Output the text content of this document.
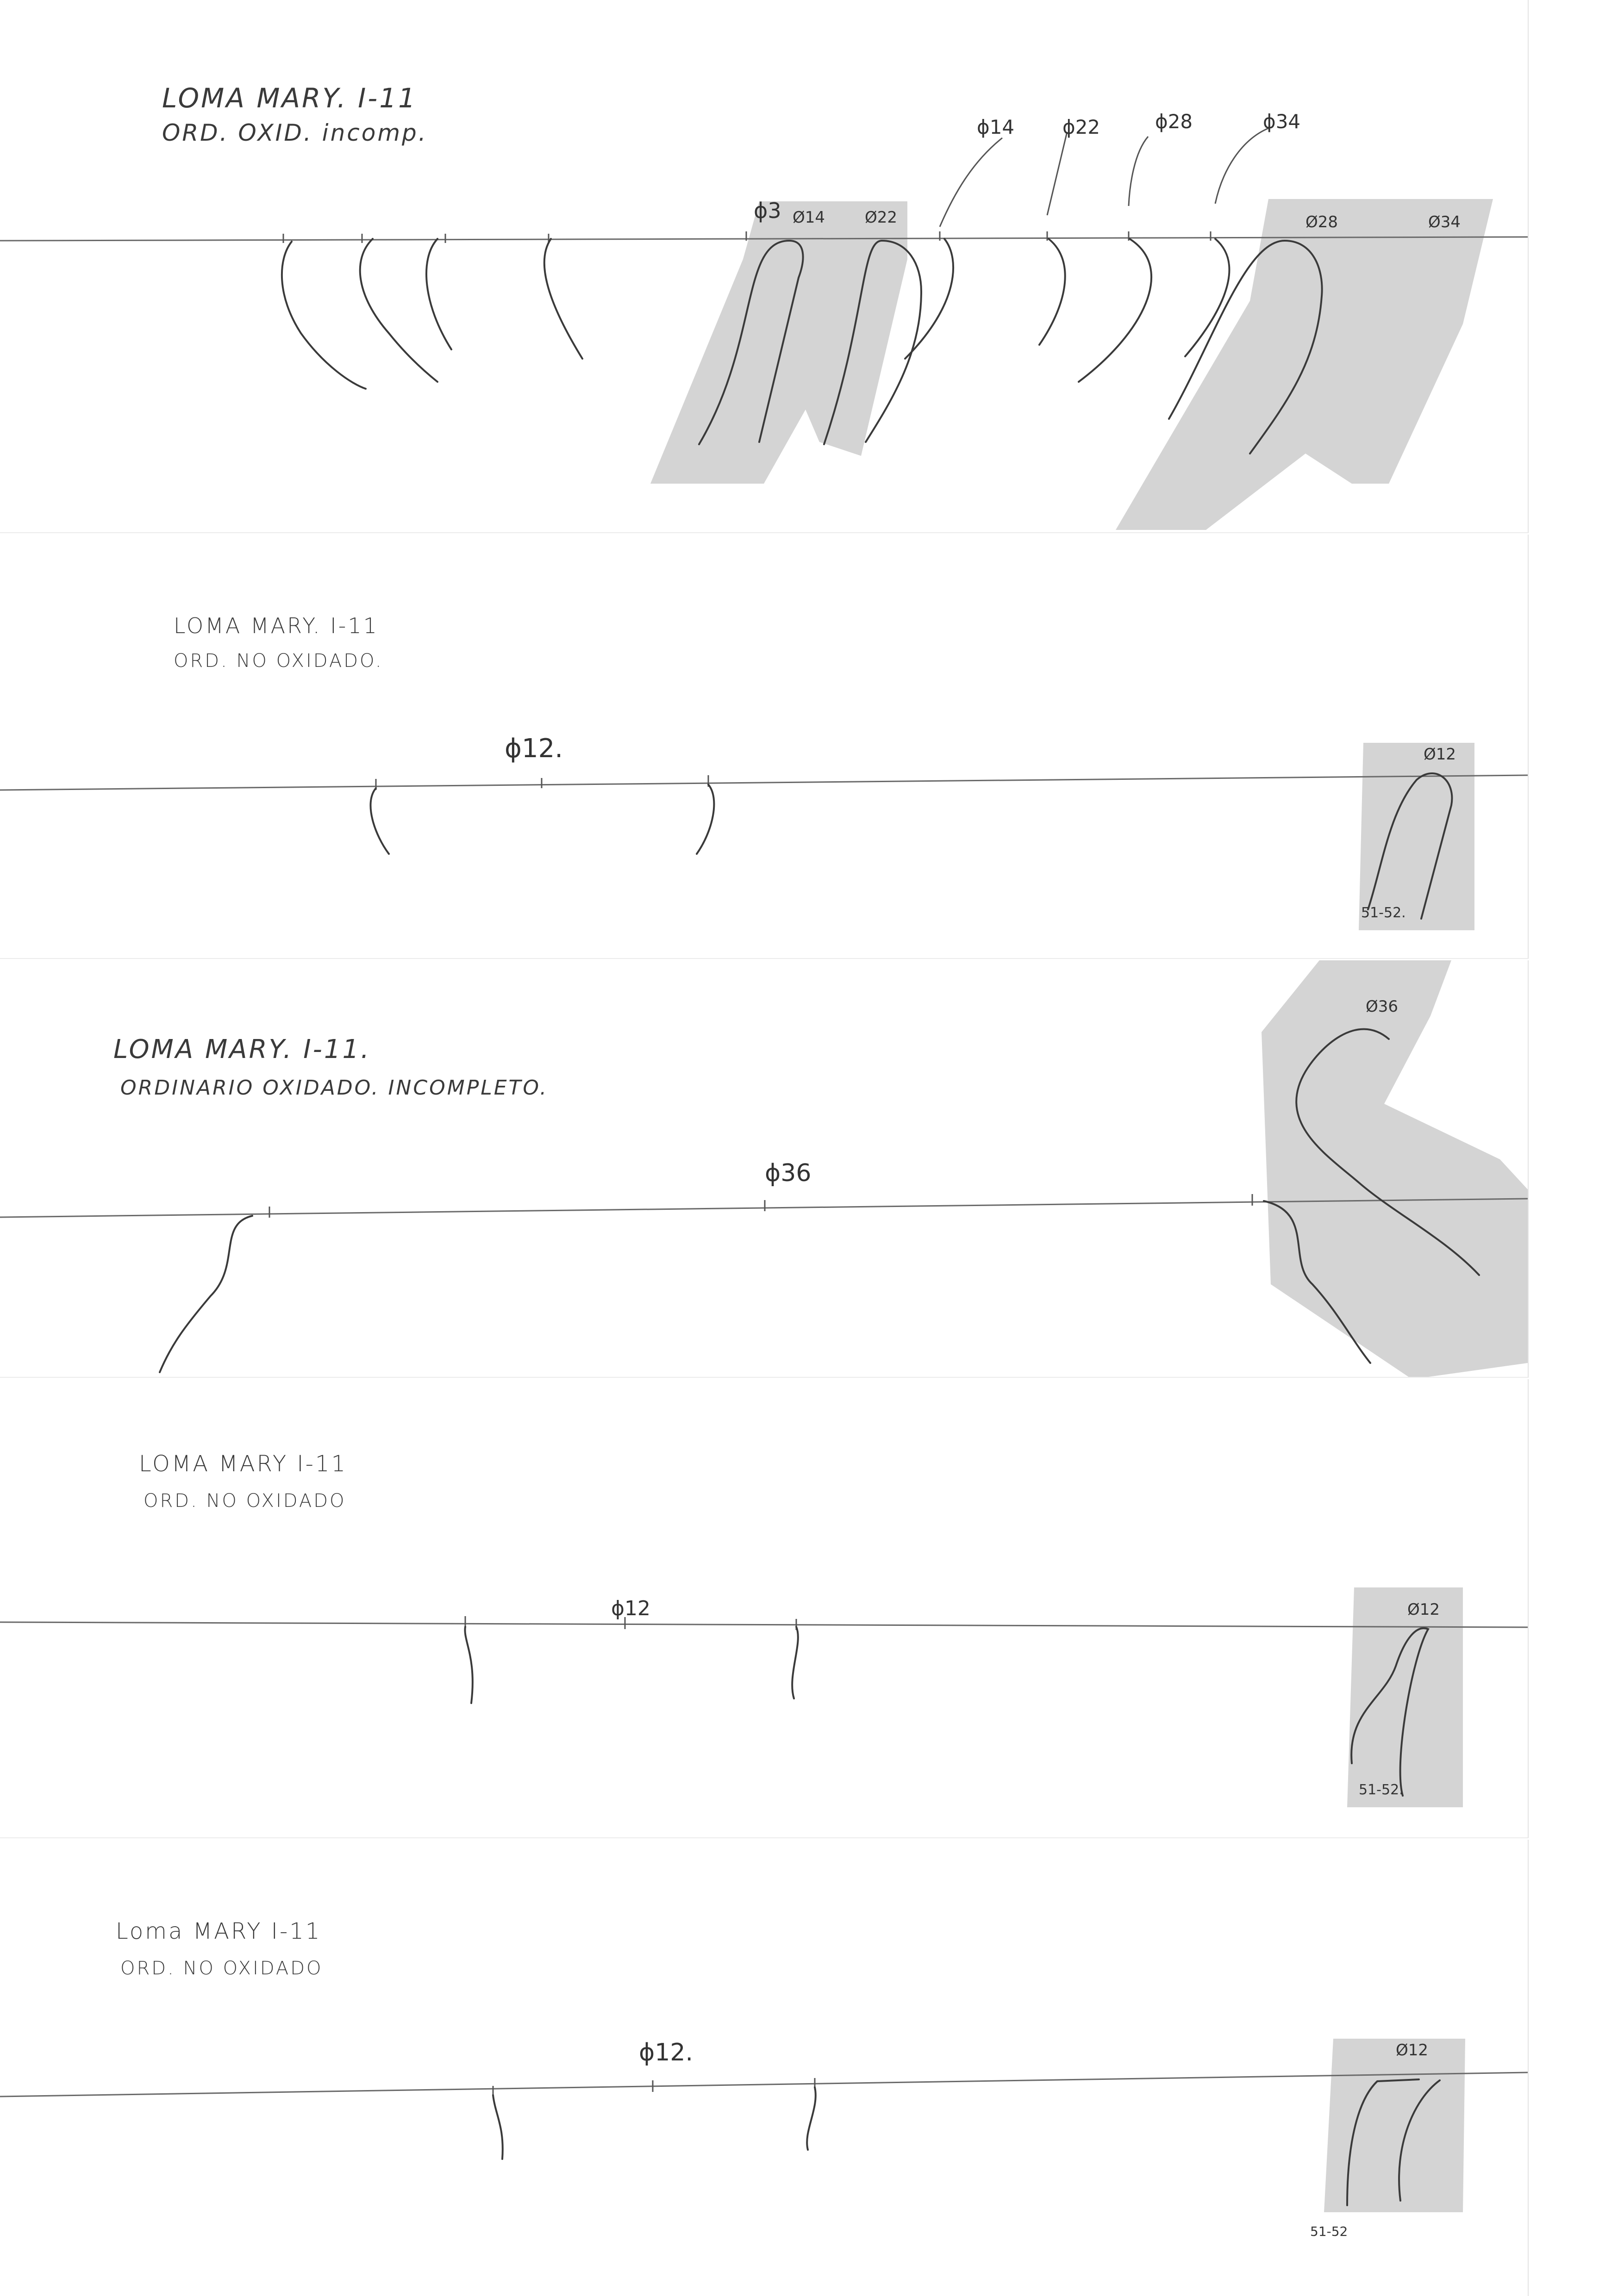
LOMA MARY. I-11
ORD. OXID. incomp.
ϕ3
ϕ14 ϕ22	ϕ28	ϕ34
Ø14	Ø22	Ø28	Ø34
LOMA MARY. I-11
ORD. NO OXIDADO.
ϕ12.	Ø12
51-52.
LOMA MARY. I-11.
ORDINARIO OXIDADO. INCOMPLETO.
ϕ36
Ø36
LOMA MARY I-11
ORD. NO OXIDADO
ϕ12	Ø12
51-52.
Loma MARY I-11
ORD. NO OXIDADO
ϕ12.	Ø12
51-52
